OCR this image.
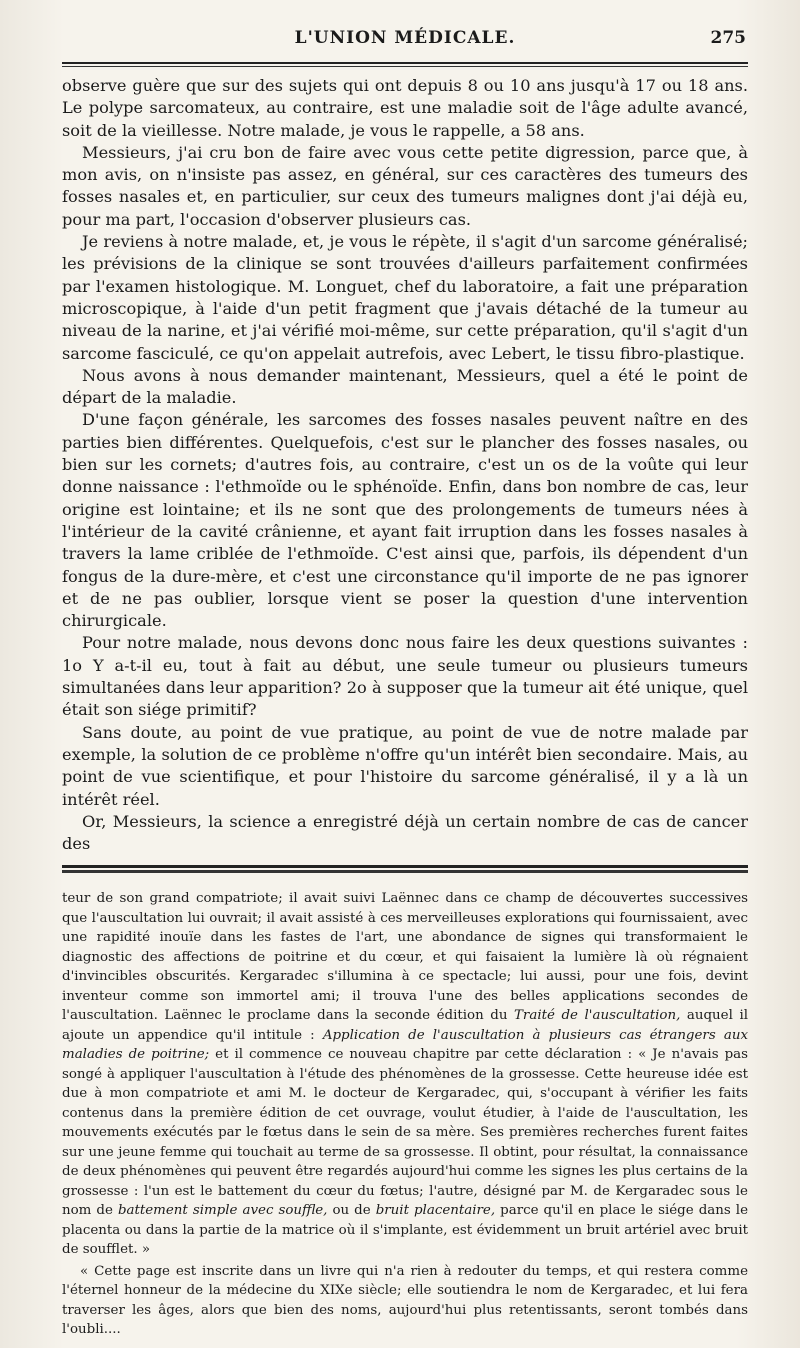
L'UNION MÉDICALE.	275

observe guère que sur des sujets qui ont depuis 8 ou 10 ans jusqu'à 17 ou 18 ans. Le polype sarcomateux, au contraire, est une maladie soit de l'âge adulte avancé, soit de la vieillesse. Notre malade, je vous le rappelle, a 58 ans.

Messieurs, j'ai cru bon de faire avec vous cette petite digression, parce que, à mon avis, on n'insiste pas assez, en général, sur ces caractères des tumeurs des fosses nasales et, en particulier, sur ceux des tumeurs malignes dont j'ai déjà eu, pour ma part, l'occasion d'observer plusieurs cas.

Je reviens à notre malade, et, je vous le répète, il s'agit d'un sarcome généralisé; les prévisions de la clinique se sont trouvées d'ailleurs parfaitement confirmées par l'examen histologique. M. Longuet, chef du laboratoire, a fait une préparation microscopique, à l'aide d'un petit fragment que j'avais détaché de la tumeur au niveau de la narine, et j'ai vérifié moi-même, sur cette préparation, qu'il s'agit d'un sarcome fasciculé, ce qu'on appelait autrefois, avec Lebert, le tissu fibro-plastique.

Nous avons à nous demander maintenant, Messieurs, quel a été le point de départ de la maladie.

D'une façon générale, les sarcomes des fosses nasales peuvent naître en des parties bien différentes. Quelquefois, c'est sur le plancher des fosses nasales, ou bien sur les cornets; d'autres fois, au contraire, c'est un os de la voûte qui leur donne naissance : l'ethmoïde ou le sphénoïde. Enfin, dans bon nombre de cas, leur origine est lointaine; et ils ne sont que des prolongements de tumeurs nées à l'intérieur de la cavité crânienne, et ayant fait irruption dans les fosses nasales à travers la lame criblée de l'ethmoïde. C'est ainsi que, parfois, ils dépendent d'un fongus de la dure-mère, et c'est une circonstance qu'il importe de ne pas ignorer et de ne pas oublier, lorsque vient se poser la question d'une intervention chirurgicale.

Pour notre malade, nous devons donc nous faire les deux questions suivantes : 1o Y a-t-il eu, tout à fait au début, une seule tumeur ou plusieurs tumeurs simultanées dans leur apparition? 2o à supposer que la tumeur ait été unique, quel était son siége primitif?

Sans doute, au point de vue pratique, au point de vue de notre malade par exemple, la solution de ce problème n'offre qu'un intérêt bien secondaire. Mais, au point de vue scientifique, et pour l'histoire du sarcome généralisé, il y a là un intérêt réel.

Or, Messieurs, la science a enregistré déjà un certain nombre de cas de cancer des

teur de son grand compatriote; il avait suivi Laënnec dans ce champ de découvertes successives que l'auscultation lui ouvrait; il avait assisté à ces merveilleuses explorations qui fournissaient, avec une rapidité inouïe dans les fastes de l'art, une abondance de signes qui transformaient le diagnostic des affections de poitrine et du cœur, et qui faisaient la lumière là où régnaient d'invincibles obscurités. Kergaradec s'illumina à ce spectacle; lui aussi, pour une fois, devint inventeur comme son immortel ami; il trouva l'une des belles applications secondes de l'auscultation. Laënnec le proclame dans la seconde édition du Traité de l'auscultation, auquel il ajoute un appendice qu'il intitule : Application de l'auscultation à plusieurs cas étrangers aux maladies de poitrine; et il commence ce nouveau chapitre par cette déclaration : « Je n'avais pas songé à appliquer l'auscultation à l'étude des phénomènes de la grossesse. Cette heureuse idée est due à mon compatriote et ami M. le docteur de Kergaradec, qui, s'occupant à vérifier les faits contenus dans la première édition de cet ouvrage, voulut étudier, à l'aide de l'auscultation, les mouvements exécutés par le fœtus dans le sein de sa mère. Ses premières recherches furent faites sur une jeune femme qui touchait au terme de sa grossesse. Il obtint, pour résultat, la connaissance de deux phénomènes qui peuvent être regardés aujourd'hui comme les signes les plus certains de la grossesse : l'un est le battement du cœur du fœtus; l'autre, désigné par M. de Kergaradec sous le nom de battement simple avec souffle, ou de bruit placentaire, parce qu'il en place le siége dans le placenta ou dans la partie de la matrice où il s'implante, est évidemment un bruit artériel avec bruit de soufflet. »

« Cette page est inscrite dans un livre qui n'a rien à redouter du temps, et qui restera comme l'éternel honneur de la médecine du XIXe siècle; elle soutiendra le nom de Kergaradec, et lui fera traverser les âges, alors que bien des noms, aujourd'hui plus retentissants, seront tombés dans l'oubli....
